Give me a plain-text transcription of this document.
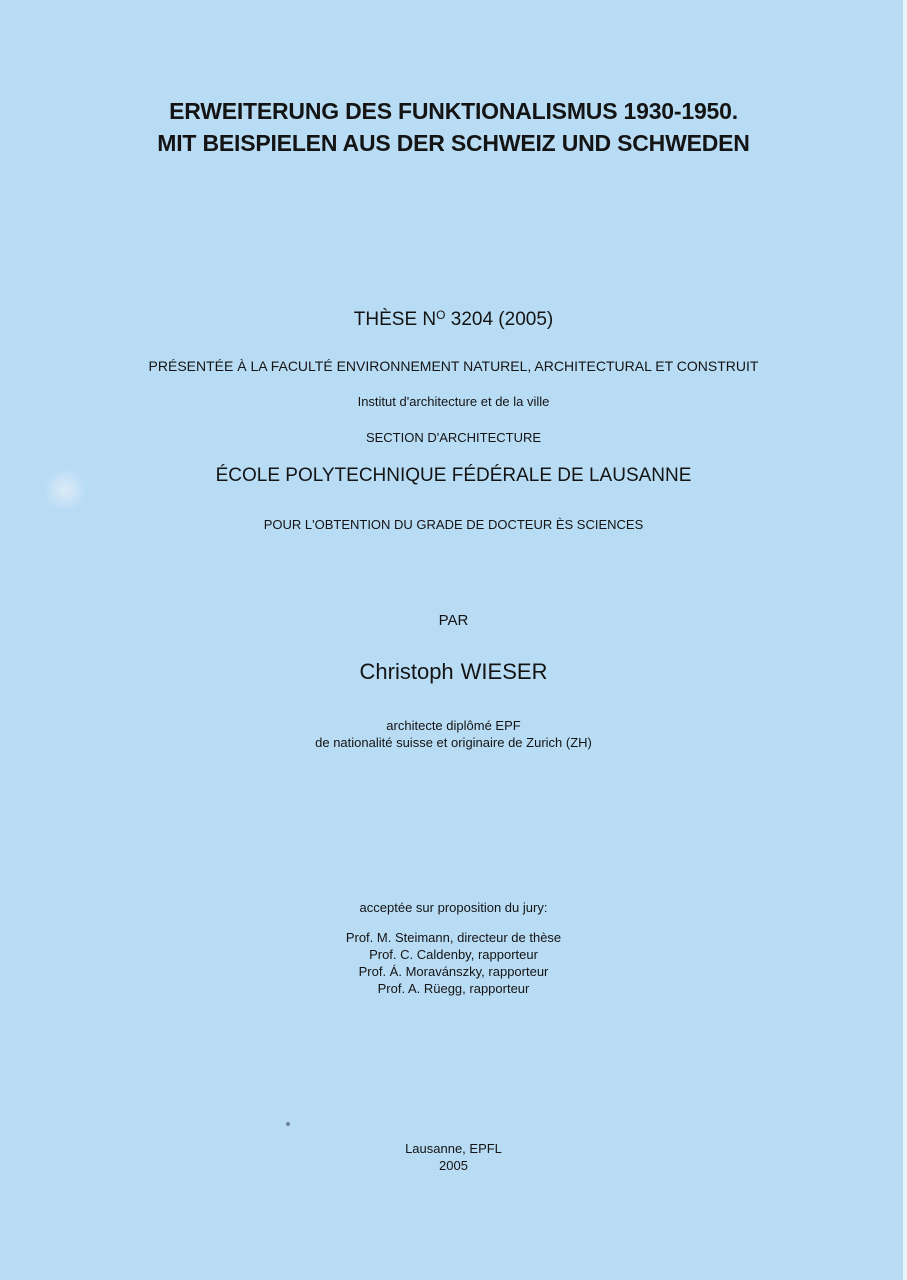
ERWEITERUNG DES FUNKTIONALISMUS 1930-1950.

MIT BEISPIELEN AUS DER SCHWEIZ UND SCHWEDEN

THÈSE $N^O$ 3204 (2005)

PRÉSENTÉE À LA FACULTÉ ENVIRONNEMENT NATUREL, ARCHITECTURAL ET CONSTRUIT

Institut d'architecture et de la ville

SECTION D'ARCHITECTURE

ÉCOLE POLYTECHNIQUE FÉDÉRALE DE LAUSANNE

POUR L'OBTENTION DU GRADE DE DOCTEUR ÈS SCIENCES

PAR

Christoph WIESER

architecte diplômé EPF
de nationalité suisse et originaire de Zurich (ZH)

acceptée sur proposition du jury:

Prof. M. Steimann, directeur de thèse
Prof. C. Caldenby, rapporteur
Prof. Á. Moravánszky, rapporteur
Prof. A. Rüegg, rapporteur
Lausanne, EPFL
2005
